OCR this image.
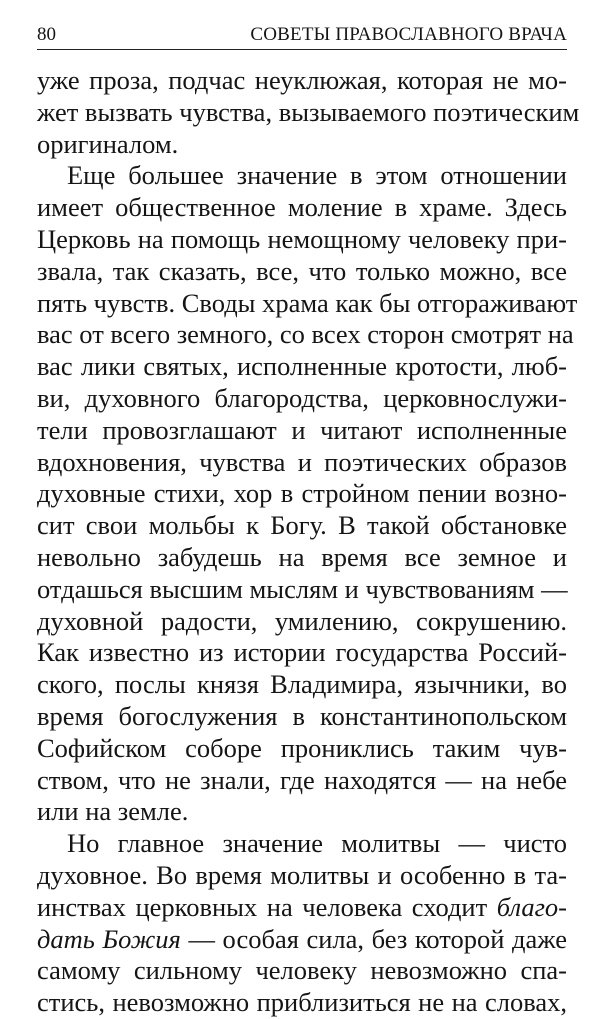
80	СОВЕТЫ ПРАВОСЛАВНОГО ВРАЧА
уже проза, подчас неуклюжая, которая не мо-
жет вызвать чувства, вызываемого поэтическим
оригиналом.
Еще большее значение в этом отношении
имеет общественное моление в храме. Здесь
Церковь на помощь немощному человеку при-
звала, так сказать, все, что только можно, все
пять чувств. Своды храма как бы отгораживают
вас от всего земного, со всех сторон смотрят на
вас лики святых, исполненные кротости, люб-
ви, духовного благородства, церковнослужи-
тели провозглашают и читают исполненные
вдохновения, чувства и поэтических образов
духовные стихи, хор в стройном пении возно-
сит свои мольбы к Богу. В такой обстановке
невольно забудешь на время все земное и
отдашься высшим мыслям и чувствованиям —
духовной радости, умилению, сокрушению.
Как известно из истории государства Россий-
ского, послы князя Владимира, язычники, во
время богослужения в константинопольском
Софийском соборе прониклись таким чув-
ством, что не знали, где находятся — на небе
или на земле.
Но главное значение молитвы — чисто
духовное. Во время молитвы и особенно в та-
инствах церковных на человека сходит благо-
дать Божия — особая сила, без которой даже
самому сильному человеку невозможно спа-
стись, невозможно приблизиться не на словах,
